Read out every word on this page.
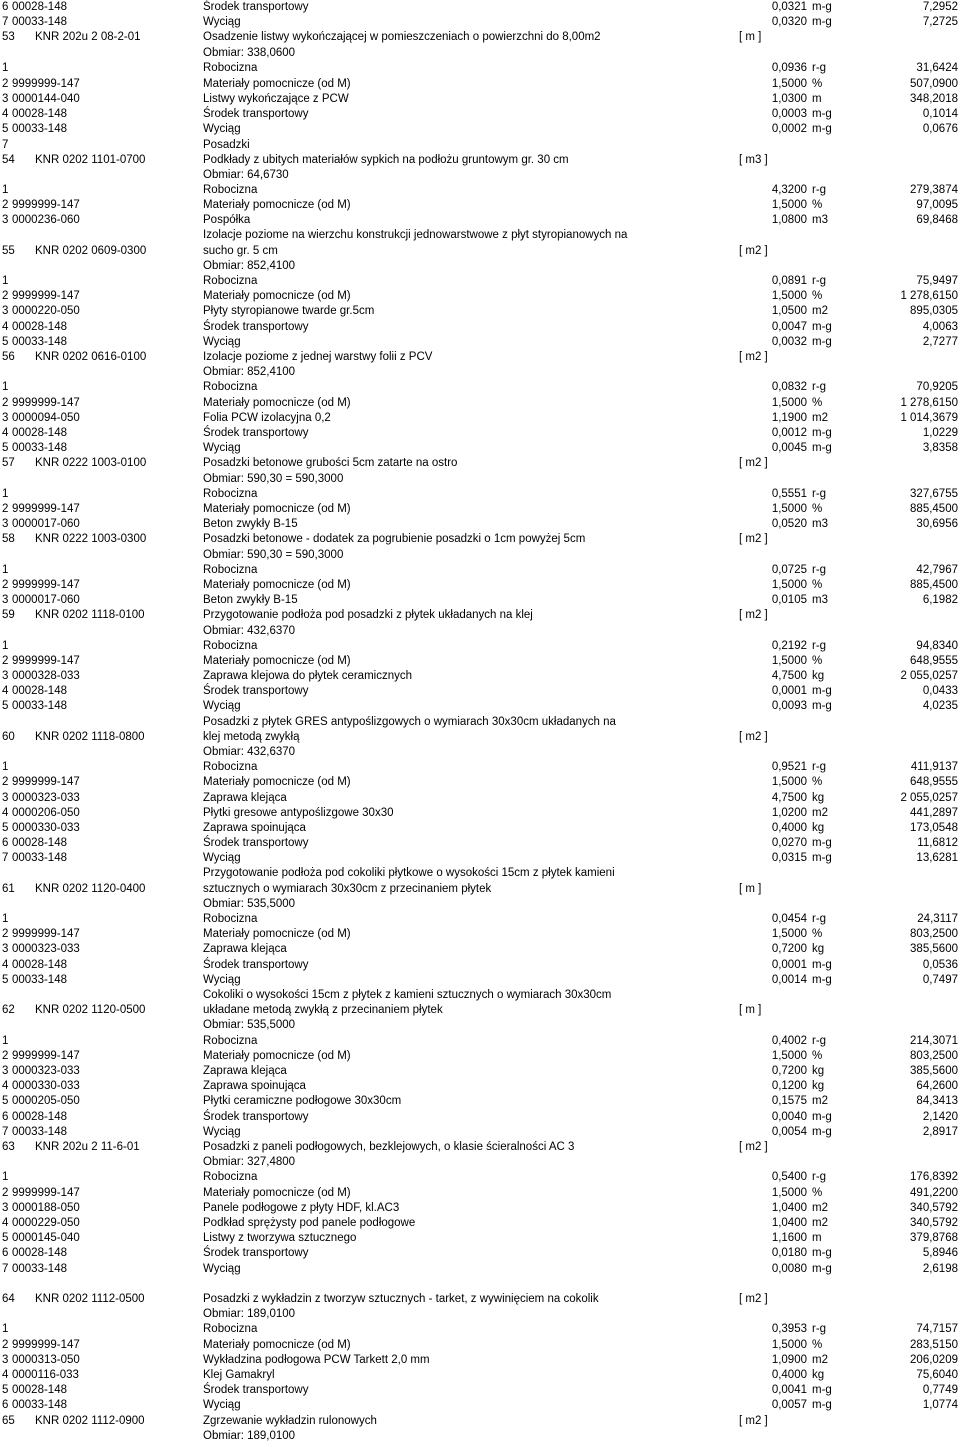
6 00028-148	Środek transportowy	0,0321 m-g	7,2952
7 00033-148	Wyciąg	0,0320 m-g	7,2725
53 KNR 202u 2 08-2-01	Osadzenie listwy wykończającej w pomieszczeniach o powierzchni do 8,00m2	[ m ]
Obmiar: 338,0600
1	Robocizna	0,0936 r-g	31,6424
2 9999999-147	Materiały pomocnicze (od M)	1,5000 %	507,0900
3 0000144-040	Listwy wykończające z PCW	1,0300 m	348,2018
4 00028-148	Środek transportowy	0,0003 m-g	0,1014
5 00033-148	Wyciąg	0,0002 m-g	0,0676
7	Posadzki
54 KNR 0202 1101-0700	Podkłady z ubitych materiałów sypkich na podłożu gruntowym gr. 30 cm	[ m3 ]
Obmiar: 64,6730
1	Robocizna	4,3200 r-g	279,3874
2 9999999-147	Materiały pomocnicze (od M)	1,5000 %	97,0095
3 0000236-060	Pospółka	1,0800 m3	69,8468
Izolacje poziome na wierzchu konstrukcji jednowarstwowe z płyt styropianowych na
55 KNR 0202 0609-0300	sucho gr. 5 cm	[ m2 ]
Obmiar: 852,4100
1	Robocizna	0,0891 r-g	75,9497
2 9999999-147	Materiały pomocnicze (od M)	1,5000 %	1 278,6150
3 0000220-050	Płyty styropianowe twarde gr.5cm	1,0500 m2	895,0305
4 00028-148	Środek transportowy	0,0047 m-g	4,0063
5 00033-148	Wyciąg	0,0032 m-g	2,7277
56 KNR 0202 0616-0100	Izolacje poziome z jednej warstwy folii z PCV	[ m2 ]
Obmiar: 852,4100
1	Robocizna	0,0832 r-g	70,9205
2 9999999-147	Materiały pomocnicze (od M)	1,5000 %	1 278,6150
3 0000094-050	Folia PCW izolacyjna 0,2	1,1900 m2	1 014,3679
4 00028-148	Środek transportowy	0,0012 m-g	1,0229
5 00033-148	Wyciąg	0,0045 m-g	3,8358
57 KNR 0222 1003-0100	Posadzki betonowe grubości 5cm zatarte na ostro	[ m2 ]
Obmiar: 590,30 = 590,3000
1	Robocizna	0,5551 r-g	327,6755
2 9999999-147	Materiały pomocnicze (od M)	1,5000 %	885,4500
3 0000017-060	Beton zwykły B-15	0,0520 m3	30,6956
58 KNR 0222 1003-0300	Posadzki betonowe - dodatek za pogrubienie posadzki o 1cm powyżej 5cm	[ m2 ]
Obmiar: 590,30 = 590,3000
1	Robocizna	0,0725 r-g	42,7967
2 9999999-147	Materiały pomocnicze (od M)	1,5000 %	885,4500
3 0000017-060	Beton zwykły B-15	0,0105 m3	6,1982
59 KNR 0202 1118-0100	Przygotowanie podłoża pod posadzki z płytek układanych na klej	[ m2 ]
Obmiar: 432,6370
1	Robocizna	0,2192 r-g	94,8340
2 9999999-147	Materiały pomocnicze (od M)	1,5000 %	648,9555
3 0000328-033	Zaprawa klejowa do płytek ceramicznych	4,7500 kg	2 055,0257
4 00028-148	Środek transportowy	0,0001 m-g	0,0433
5 00033-148	Wyciąg	0,0093 m-g	4,0235
Posadzki z płytek GRES antypoślizgowych o wymiarach 30x30cm układanych na
60 KNR 0202 1118-0800	klej metodą zwykłą	[ m2 ]
Obmiar: 432,6370
1	Robocizna	0,9521 r-g	411,9137
2 9999999-147	Materiały pomocnicze (od M)	1,5000 %	648,9555
3 0000323-033	Zaprawa klejąca	4,7500 kg	2 055,0257
4 0000206-050	Płytki gresowe antypoślizgowe 30x30	1,0200 m2	441,2897
5 0000330-033	Zaprawa spoinująca	0,4000 kg	173,0548
6 00028-148	Środek transportowy	0,0270 m-g	11,6812
7 00033-148	Wyciąg	0,0315 m-g	13,6281
Przygotowanie podłoża pod cokoliki płytkowe o wysokości 15cm z płytek kamieni
61 KNR 0202 1120-0400	sztucznych o wymiarach 30x30cm z przecinaniem płytek	[ m ]
Obmiar: 535,5000
1	Robocizna	0,0454 r-g	24,3117
2 9999999-147	Materiały pomocnicze (od M)	1,5000 %	803,2500
3 0000323-033	Zaprawa klejąca	0,7200 kg	385,5600
4 00028-148	Środek transportowy	0,0001 m-g	0,0536
5 00033-148	Wyciąg	0,0014 m-g	0,7497
Cokoliki o wysokości 15cm z płytek z kamieni sztucznych o wymiarach 30x30cm
62 KNR 0202 1120-0500	układane metodą zwykłą z przecinaniem płytek	[ m ]
Obmiar: 535,5000
1	Robocizna	0,4002 r-g	214,3071
2 9999999-147	Materiały pomocnicze (od M)	1,5000 %	803,2500
3 0000323-033	Zaprawa klejąca	0,7200 kg	385,5600
4 0000330-033	Zaprawa spoinująca	0,1200 kg	64,2600
5 0000205-050	Płytki ceramiczne podłogowe 30x30cm	0,1575 m2	84,3413
6 00028-148	Środek transportowy	0,0040 m-g	2,1420
7 00033-148	Wyciąg	0,0054 m-g	2,8917
63 KNR 202u 2 11-6-01	Posadzki z paneli podłogowych, bezklejowych, o klasie ścieralności AC 3	[ m2 ]
Obmiar: 327,4800
1	Robocizna	0,5400 r-g	176,8392
2 9999999-147	Materiały pomocnicze (od M)	1,5000 %	491,2200
3 0000188-050	Panele podłogowe z płyty HDF, kl.AC3	1,0400 m2	340,5792
4 0000229-050	Podkład sprężysty pod panele podłogowe	1,0400 m2	340,5792
5 0000145-040	Listwy z tworzywa sztucznego	1,1600 m	379,8768
6 00028-148	Środek transportowy	0,0180 m-g	5,8946
7 00033-148	Wyciąg	0,0080 m-g	2,6198
64 KNR 0202 1112-0500	Posadzki z wykładzin z tworzyw sztucznych - tarket, z wywinięciem na cokolik	[ m2 ]
Obmiar: 189,0100
1	Robocizna	0,3953 r-g	74,7157
2 9999999-147	Materiały pomocnicze (od M)	1,5000 %	283,5150
3 0000313-050	Wykładzina podłogowa PCW Tarkett 2,0 mm	1,0900 m2	206,0209
4 0000116-033	Klej Gamakryl	0,4000 kg	75,6040
5 00028-148	Środek transportowy	0,0041 m-g	0,7749
6 00033-148	Wyciąg	0,0057 m-g	1,0774
65 KNR 0202 1112-0900	Zgrzewanie wykładzin rulonowych	[ m2 ]
Obmiar: 189,0100
